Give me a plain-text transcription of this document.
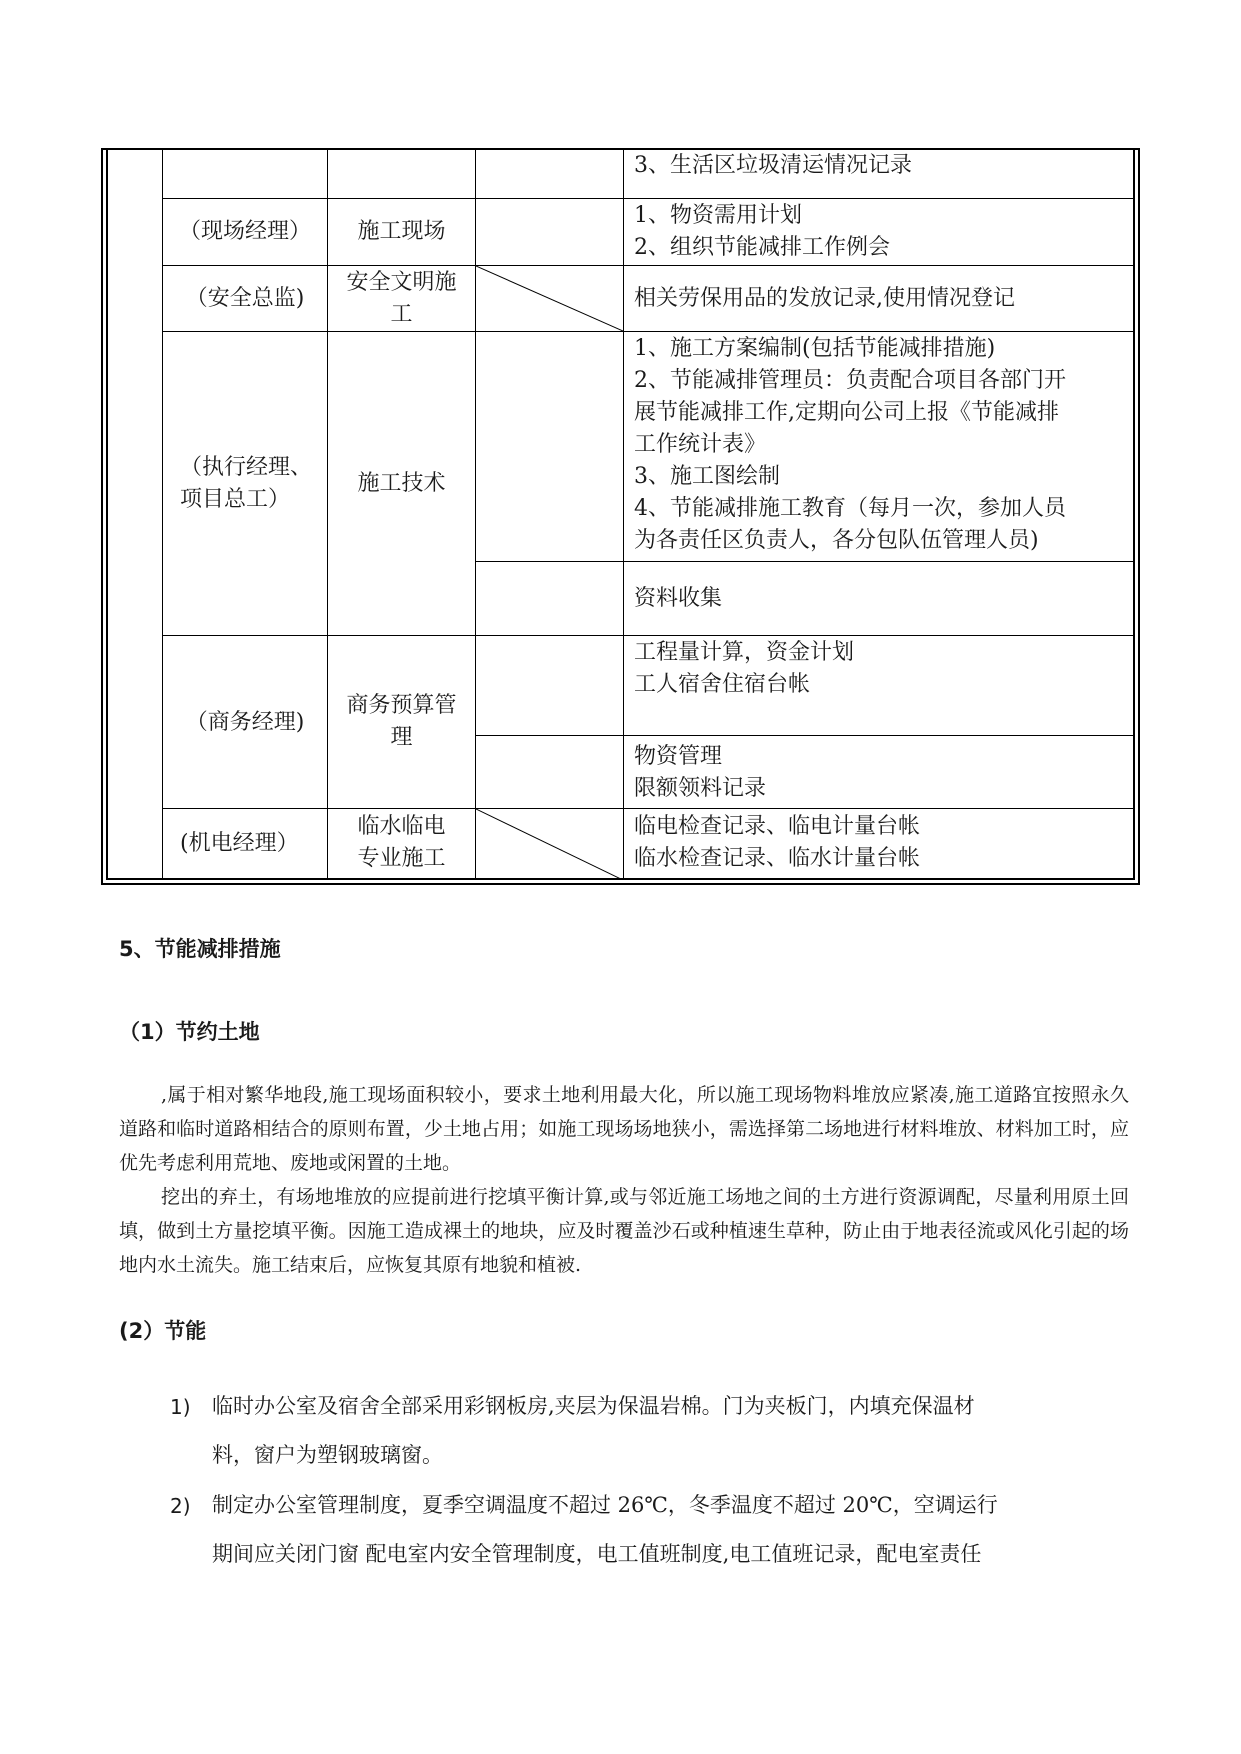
3、生活区垃圾清运情况记录
（现场经理）	施工现场
1、物资需用计划
2、组织节能减排工作例会
（安全总监)
安全文明施
工
相关劳保用品的发放记录,使用情况登记
（执行经理、
项目总工）
施工技术
1、施工方案编制(包括节能减排措施)
2、节能减排管理员：负责配合项目各部门开
展节能减排工作,定期向公司上报《节能减排
工作统计表》
3、施工图绘制
4、节能减排施工教育（每月一次，参加人员
为各责任区负责人，各分包队伍管理人员)
资料收集
（商务经理)
商务预算管
理
工程量计算，资金计划
工人宿舍住宿台帐
物资管理
限额领料记录
(机电经理）
临水临电
专业施工
临电检查记录、临电计量台帐
临水检查记录、临水计量台帐
5、节能减排措施
（1）节约土地
,属于相对繁华地段,施工现场面积较小，要求土地利用最大化，所以施工现场物料堆放应紧凑,施工道路宜按照永久道路和临时道路相结合的原则布置，少土地占用；如施工现场场地狭小，需选择第二场地进行材料堆放、材料加工时，应优先考虑利用荒地、废地或闲置的土地。
挖出的弃土，有场地堆放的应提前进行挖填平衡计算,或与邻近施工场地之间的土方进行资源调配，尽量利用原土回填，做到土方量挖填平衡。因施工造成裸土的地块，应及时覆盖沙石或种植速生草种，防止由于地表径流或风化引起的场地内水土流失。施工结束后，应恢复其原有地貌和植被.
(2）节能
1) 临时办公室及宿舍全部采用彩钢板房,夹层为保温岩棉。门为夹板门，内填充保温材
料，窗户为塑钢玻璃窗。
2) 制定办公室管理制度，夏季空调温度不超过 26℃，冬季温度不超过 20℃，空调运行
期间应关闭门窗 配电室内安全管理制度，电工值班制度,电工值班记录，配电室责任
